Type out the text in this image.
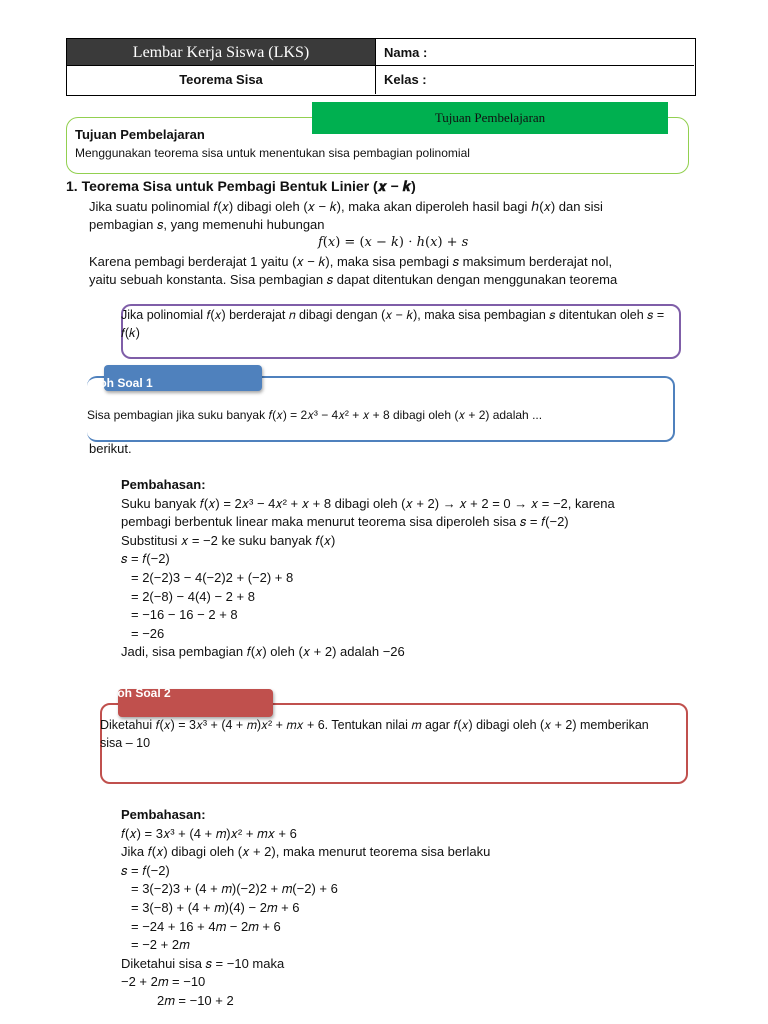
Lembar Kerja Siswa (LKS)	Nama :
Teorema Sisa	Kelas :
Tujuan Pembelajaran
Tujuan Pembelajaran
Menggunakan teorema sisa untuk menentukan sisa pembagian polinomial
1. Teorema Sisa untuk Pembagi Bentuk Linier (𝒙 − 𝒌)
Jika suatu polinomial 𝑓(𝑥) dibagi oleh (𝑥 − 𝑘), maka akan diperoleh hasil bagi ℎ(𝑥) dan sisi
pembagian 𝑠, yang memenuhi hubungan
𝑓(𝑥) = (𝑥 − 𝑘) ⋅ ℎ(𝑥) + 𝑠
Karena pembagi berderajat 1 yaitu (𝑥 − 𝑘), maka sisa pembagi 𝑠 maksimum berderajat nol,
yaitu sebuah konstanta. Sisa pembagian 𝑠 dapat ditentukan dengan menggunakan teorema
Jika polinomial 𝑓(𝑥) berderajat 𝑛 dibagi dengan (𝑥 − 𝑘), maka sisa pembagian 𝑠 ditentukan oleh 𝑠 = 𝑓(𝑘)
ntoh Soal 1
Sisa pembagian jika suku banyak 𝑓(𝑥) = 2𝑥³ − 4𝑥² + 𝑥 + 8 dibagi oleh (𝑥 + 2) adalah ...
berikut.
Pembahasan:
Suku banyak 𝑓(𝑥) = 2𝑥³ − 4𝑥² + 𝑥 + 8 dibagi oleh (𝑥 + 2) → 𝑥 + 2 = 0 → 𝑥 = −2, karena
pembagi berbentuk linear maka menurut teorema sisa diperoleh sisa 𝑠 = 𝑓(−2)
Substitusi 𝑥 = −2 ke suku banyak 𝑓(𝑥)
𝑠 = 𝑓(−2)
= 2(−2)3 − 4(−2)2 + (−2) + 8
= 2(−8) − 4(4) − 2 + 8
= −16 − 16 − 2 + 8
= −26
Jadi, sisa pembagian 𝑓(𝑥) oleh (𝑥 + 2) adalah −26
ntoh Soal 2
Diketahui 𝑓(𝑥) = 3𝑥³ + (4 + 𝑚)𝑥² + 𝑚𝑥 + 6. Tentukan nilai 𝑚 agar 𝑓(𝑥) dibagi oleh (𝑥 + 2) memberikan sisa – 10
Pembahasan:
𝑓(𝑥) = 3𝑥³ + (4 + 𝑚)𝑥² + 𝑚𝑥 + 6
Jika 𝑓(𝑥) dibagi oleh (𝑥 + 2), maka menurut teorema sisa berlaku
𝑠 = 𝑓(−2)
= 3(−2)3 + (4 + 𝑚)(−2)2 + 𝑚(−2) + 6
= 3(−8) + (4 + 𝑚)(4) − 2𝑚 + 6
= −24 + 16 + 4𝑚 − 2𝑚 + 6
= −2 + 2𝑚
Diketahui sisa 𝑠 = −10 maka
−2 + 2𝑚 = −10
2𝑚 = −10 + 2
